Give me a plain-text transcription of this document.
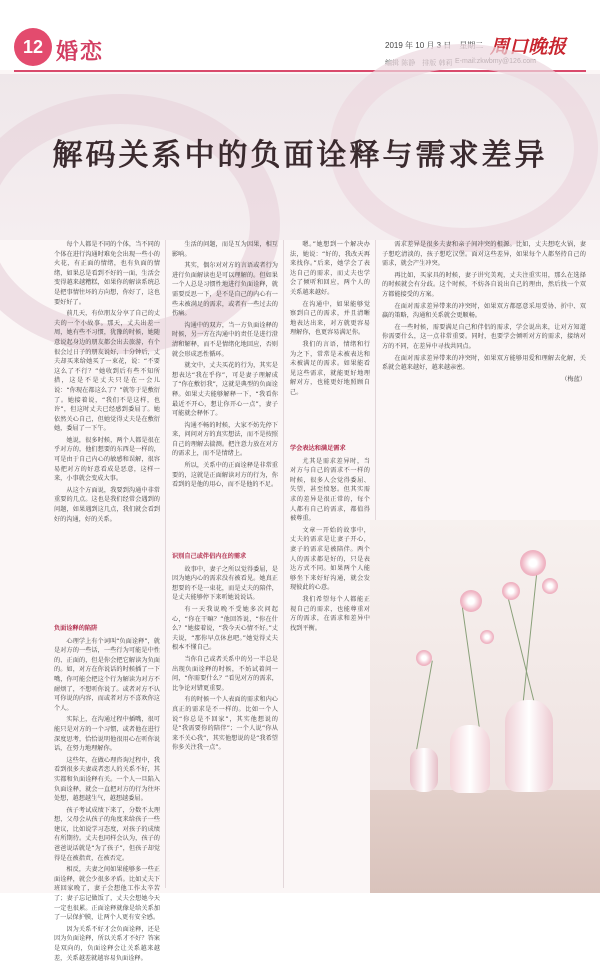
12 婚恋	2019 年 10 月 3 日　星期二 周口晚报
编辑 陈静　排版 韩莉 E-mail:zkwbmy@126.com
解码关系中的负面诠释与需求差异

每个人都是不同的个体，当不同的个体在进行沟通时难免会出现一些小的火花，有正面的情绪，也有负面的情绪，如果总是看到不好的一面，生活会变得越来越糟糕，如果你的解读系统总是把事情往坏的方向想，你好了，这也要好好了。

前几天，有位朋友分享了自己的丈夫的一个小故事。那天，丈夫出差一周，她有些不习惯，犹豫的时候，她随意说起身边的朋友都会出去旅游，有个很会过日子的朋友说好，十分钟后，丈夫却买来给她买了一束花，说：“不要这么了不行？”她收到后有些不知所措，这是不是丈夫只是在一会儿说：“你现在都这么了？”就等于是敷衍了。她接着说，“我们不是这样，也许”，但这时丈夫已经感到委屈了。她依然关心自己，但她觉得丈夫是在敷衍她，委屈了一下午。

她说，很多时候，两个人都是很在乎对方的，他们想要的东西是一样的，可是由于自己内心的敏感和误解，很容易把对方的好意看成是恶意，这样一来，小事就会变成大事。

从这个方面说，我要到沟通中非常重要的几点。这也是我们经常会遇到的问题，如果遇到这几点，我们就会看到好的沟通，好的关系。

负面诠释的陷阱

心理学上有个词叫“负面诠释”，就是对方的一些话，一些行为可能是中性的、正面的，但是你会把它解读为负面的。如，对方在你说话的时候插了一下嘴，你可能会把这个行为解读为对方不耐烦了，不想听你说了。或者对方不认可你说的内容，而或者对方不喜欢你这个人。

实际上，在沟通过程中插嘴，很可能只是对方的一个习惯，或者他在进行深度思考，恰恰说明他很用心在听你说话，在努力地理解你。

这些年，在做心理咨询过程中，我看到很多夫妻或者恋人的关系不好，其实都和负面诠释有关。一个人一旦陷入负面诠释，就会一直把对方的行为往坏处想，越想越生气，越想越委屈。

孩子考试成绩下来了，分数不太理想，父母会从孩子的角度来给孩子一些建议，比如说学习态度，对孩子的成绩有所期待。丈夫也同样会认为，孩子的爸爸说话就是“为了孩子”，但孩子却觉得是在被指责，在被否定。

相反，夫妻之间如果能够多一些正面诠释，就会少很多矛盾。比如丈夫下班回家晚了，妻子会想他工作太辛苦了；妻子忘记做饭了，丈夫会想她今天一定也很累。正面诠释就像是给关系加了一层保护膜，让两个人更有安全感。

因为关系不好才会负面诠释，还是因为负面诠释，所以关系才不好？答案是双向的，负面诠释会让关系越来越差，关系越差就越容易负面诠释。

生活的问题，而是互为因果，相互影响。

其实，偶尔对对方的言语或者行为进行负面解读也是可以理解的。但如果一个人总是习惯性地进行负面诠释，就需要反思一下，是不是自己的内心有一些未被满足的需求，或者有一些过去的伤痛。

沟通中的双方，当一方负面诠释的时候，另一方在沟通中的责任是进行澄清和解释，而不是情绪化地回应，否则就会形成恶性循环。

就文中，丈夫买花的行为，其实是想表达“我在乎你”，可是妻子理解成了“你在敷衍我”，这就是典型的负面诠释。如果丈夫能够解释一下，“我看你最近不开心，想让你开心一点”，妻子可能就会释怀了。

沟通不畅的时候，大家不妨先停下来，问问对方的真实想法，而不是按照自己的理解去揣测。把注意力放在对方的需求上，而不是情绪上。

所以，关系中的正面诠释是非常重要的，这就是正面解读对方的行为，你看到的是他的用心，而不是他的不足。

识别自己或伴侣内在的需求

故事中，妻子之所以觉得委屈，是因为她内心的需求没有被看见。她真正想要的不是一束花，而是丈夫的陪伴，是丈夫能够停下来听她说说话。

有一天我说晚不受她多次问起心，“你在干嘛？”他回答说，“你在什么？”她接着说，“我今天心情不好。”丈夫说，“那你早点休息吧。”她觉得丈夫根本不懂自己。

当你自己或者关系中的另一半总是出现负面诠释的时候，不妨试着问一问，“你需要什么？”看见对方的需求，比争论对错更重要。

有的时候一个人表面的需求和内心真正的需求是不一样的。比如一个人说“你总是不回家”，其实他想说的是“我需要你的陪伴”；一个人说“你从来不关心我”，其实他想说的是“我希望你多关注我一点”。

嗯。”她想到一个解决办法，她说：“好的，我改天再来找你。”后来，她学会了表达自己的需求，而丈夫也学会了倾听和回应，两个人的关系越来越好。

在沟通中，如果能够觉察到自己的需求，并且清晰地表达出来，对方就更容易理解你，也更容易满足你。

我们的言语，情绪和行为之下，常常是未被表达和未被满足的需求。如果能看见这些需求，就能更好地理解对方，也能更好地照顾自己。

学会表达和满足需求

尤其是需求差异时，当对方与自己的需求不一样的时候，很多人会觉得委屈、失望，甚至愤怒。但其实需求的差异是很正常的，每个人都有自己的需求，都值得被尊重。

文章一开始的故事中，丈夫的需求是让妻子开心，妻子的需求是被陪伴。两个人的需求都是好的，只是表达方式不同。如果两个人能够坐下来好好沟通，就会发现彼此的心意。

我们希望每个人都能正视自己的需求，也能尊重对方的需求，在需求和差异中找到平衡。

需求差异是很多夫妻和亲子间冲突的根源。比如，丈夫想吃火锅，妻子想吃清淡的，孩子想吃汉堡。面对这些差异，如果每个人都坚持自己的需求，就会产生冲突。

再比如，买家具的时候，妻子讲究美观，丈夫注重实用，那么在选择的时候就会有分歧。这个时候，不妨各自说出自己的理由，然后找一个双方都能接受的方案。

在面对需求差异带来的冲突时，如果双方都愿意采用妥协、折中、双赢的策略，沟通和关系就会更顺畅。

在一些时候，需要满足自己和伴侣的需求，学会说出来，让对方知道你需要什么，这一点非常重要。同时，也要学会倾听对方的需求，接纳对方的不同，在差异中寻找共同点。

在面对需求差异带来的冲突时，如果双方能够用爱和理解去化解，关系就会越来越好，越来越亲密。

（梅蓝）
